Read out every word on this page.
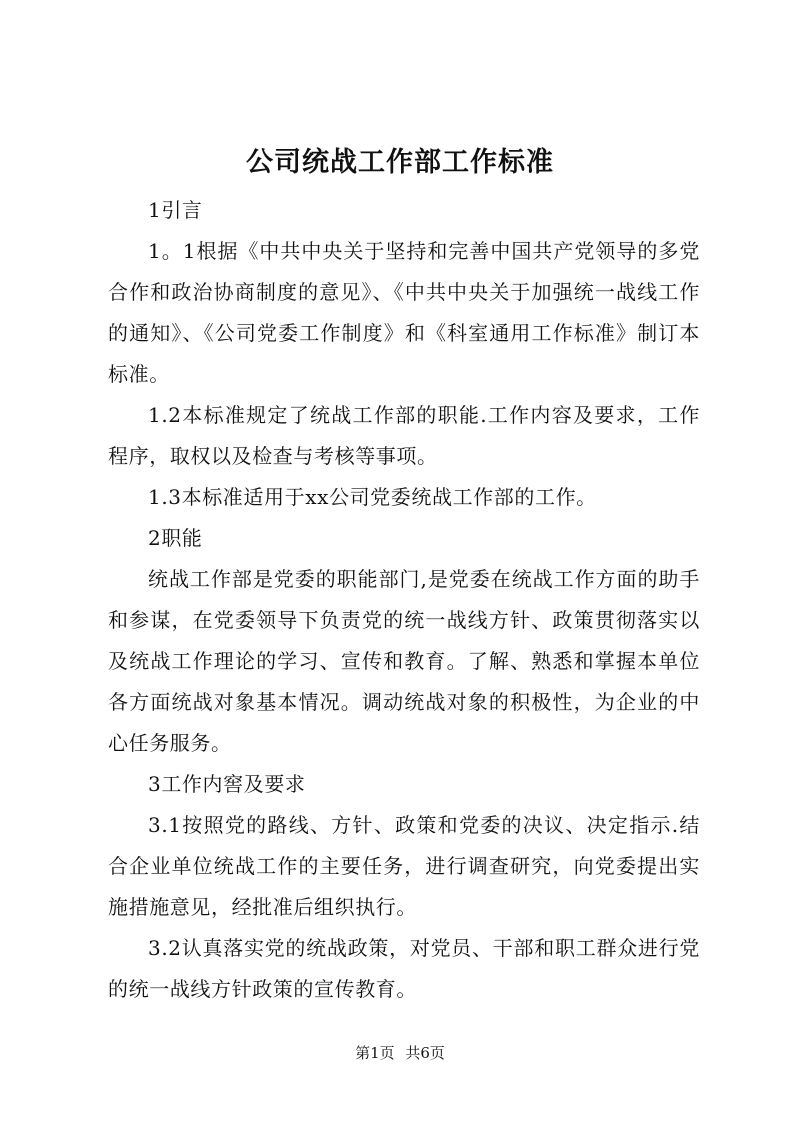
公司统战工作部工作标准

1引言

1。1根据《中共中央关于坚持和完善中国共产党领导的多党合作和政治协商制度的意见》、《中共中央关于加强统一战线工作的通知》、《公司党委工作制度》和《科室通用工作标准》制订本标准。

1.2本标准规定了统战工作部的职能.工作内容及要求，工作程序，取权以及检查与考核等事项。

1.3本标准适用于xx公司党委统战工作部的工作。

2职能

统战工作部是党委的职能部门,是党委在统战工作方面的助手和参谋，在党委领导下负责党的统一战线方针、政策贯彻落实以及统战工作理论的学习、宣传和教育。了解、熟悉和掌握本单位各方面统战对象基本情况。调动统战对象的积极性，为企业的中心任务服务。

3工作内窖及要求

3.1按照党的路线、方针、政策和党委的决议、决定指示.结合企业单位统战工作的主要任务，进行调查研究，向党委提出实施措施意见，经批准后组织执行。

3.2认真落实党的统战政策，对党员、干部和职工群众进行党的统一战线方针政策的宣传教育。

第1页 共6页
